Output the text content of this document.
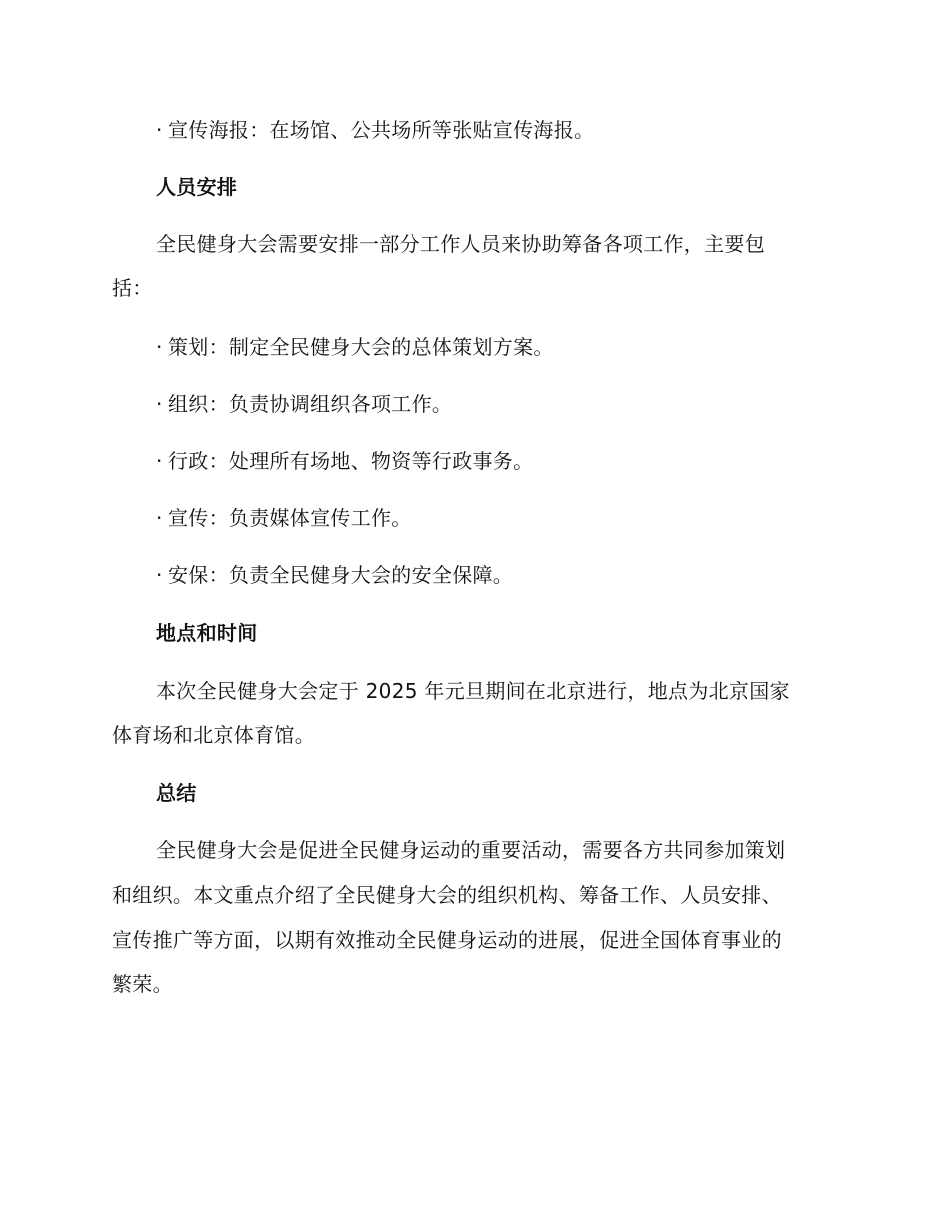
· 宣传海报：在场馆、公共场所等张贴宣传海报。
人员安排
全民健身大会需要安排一部分工作人员来协助筹备各项工作，主要包
括：
· 策划：制定全民健身大会的总体策划方案。
· 组织：负责协调组织各项工作。
· 行政：处理所有场地、物资等行政事务。
· 宣传：负责媒体宣传工作。
· 安保：负责全民健身大会的安全保障。
地点和时间
本次全民健身大会定于 2025 年元旦期间在北京进行，地点为北京国家
体育场和北京体育馆。
总结
全民健身大会是促进全民健身运动的重要活动，需要各方共同参加策划
和组织。本文重点介绍了全民健身大会的组织机构、筹备工作、人员安排、
宣传推广等方面，以期有效推动全民健身运动的进展，促进全国体育事业的
繁荣。
